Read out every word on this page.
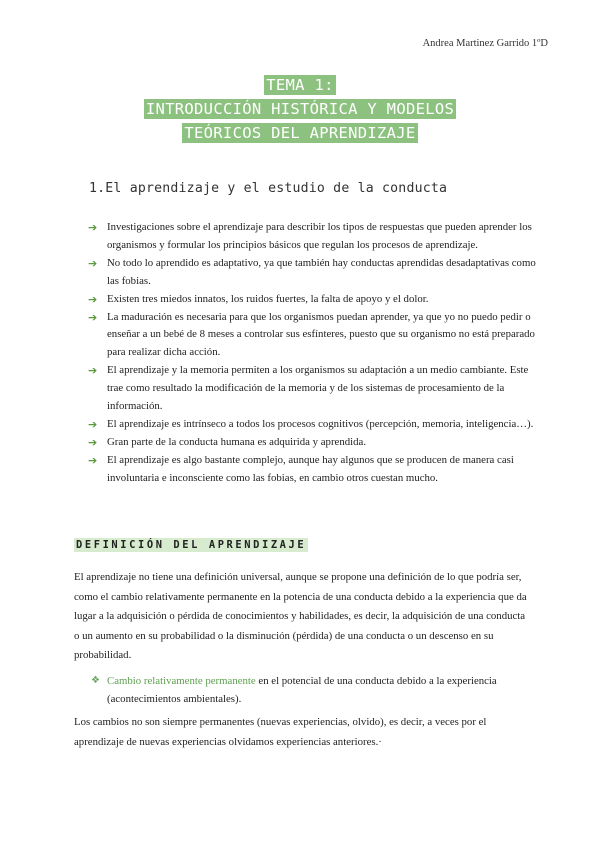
Andrea Martinez Garrido 1ºD
TEMA 1:
INTRODUCCIÓN HISTÓRICA Y MODELOS
TEÓRICOS DEL APRENDIZAJE
1.El aprendizaje y el estudio de la conducta
➔ Investigaciones sobre el aprendizaje para describir los tipos de respuestas que pueden aprender los organismos y formular los principios básicos que regulan los procesos de aprendizaje.
➔ No todo lo aprendido es adaptativo, ya que también hay conductas aprendidas desadaptativas como las fobias.
➔ Existen tres miedos innatos, los ruidos fuertes, la falta de apoyo y el dolor.
➔ La maduración es necesaria para que los organismos puedan aprender, ya que yo no puedo pedir o enseñar a un bebé de 8 meses a controlar sus esfínteres, puesto que su organismo no está preparado para realizar dicha acción.
➔ El aprendizaje y la memoria permiten a los organismos su adaptación a un medio cambiante. Este trae como resultado la modificación de la memoria y de los sistemas de procesamiento de la información.
➔ El aprendizaje es intrínseco a todos los procesos cognitivos (percepción, memoria, inteligencia…).
➔ Gran parte de la conducta humana es adquirida y aprendida.
➔ El aprendizaje es algo bastante complejo, aunque hay algunos que se producen de manera casi involuntaria e inconsciente como las fobias, en cambio otros cuestan mucho.
DEFINICIÓN DEL APRENDIZAJE

El aprendizaje no tiene una definición universal, aunque se propone una definición de lo que podría ser, como el cambio relativamente permanente en la potencia de una conducta debido a la experiencia que da lugar a la adquisición o pérdida de conocimientos y habilidades, es decir, la adquisición de una conducta o un aumento en su probabilidad o la disminución (pérdida) de una conducta o un descenso en su probabilidad.

❖ Cambio relativamente permanente en el potencial de una conducta debido a la experiencia (acontecimientos ambientales).

Los cambios no son siempre permanentes (nuevas experiencias, olvido), es decir, a veces por el aprendizaje de nuevas experiencias olvidamos experiencias anteriores.·
